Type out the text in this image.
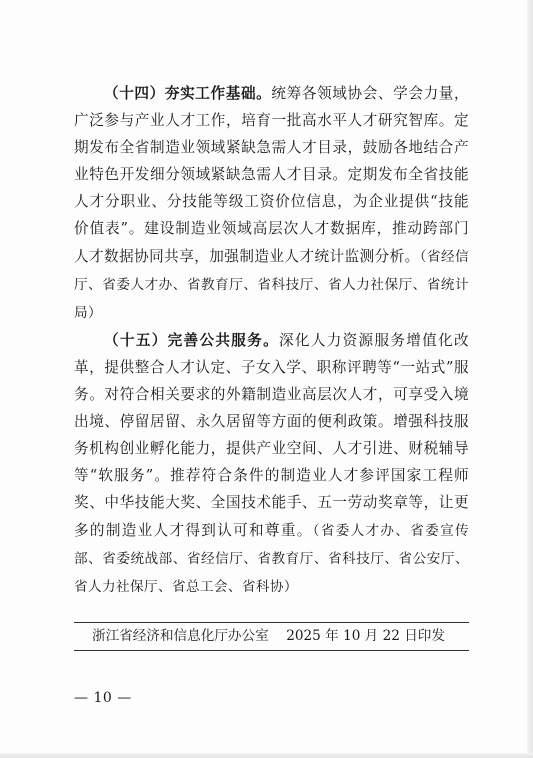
（十四）夯实工作基础。统筹各领域协会、学会力量，广泛参与产业人才工作，培育一批高水平人才研究智库。定期发布全省制造业领域紧缺急需人才目录，鼓励各地结合产业特色开发细分领域紧缺急需人才目录。定期发布全省技能人才分职业、分技能等级工资价位信息，为企业提供“技能价值表”。建设制造业领域高层次人才数据库，推动跨部门人才数据协同共享，加强制造业人才统计监测分析。（省经信厅、省委人才办、省教育厅、省科技厅、省人力社保厅、省统计局）

（十五）完善公共服务。深化人力资源服务增值化改革，提供整合人才认定、子女入学、职称评聘等“一站式”服务。对符合相关要求的外籍制造业高层次人才，可享受入境出境、停留居留、永久居留等方面的便利政策。增强科技服务机构创业孵化能力，提供产业空间、人才引进、财税辅导等“软服务”。推荐符合条件的制造业人才参评国家工程师奖、中华技能大奖、全国技术能手、五一劳动奖章等，让更多的制造业人才得到认可和尊重。（省委人才办、省委宣传部、省委统战部、省经信厅、省教育厅、省科技厅、省公安厅、省人力社保厅、省总工会、省科协）

浙江省经济和信息化厅办公室 2025 年 10 月 22 日印发
— 10 —
